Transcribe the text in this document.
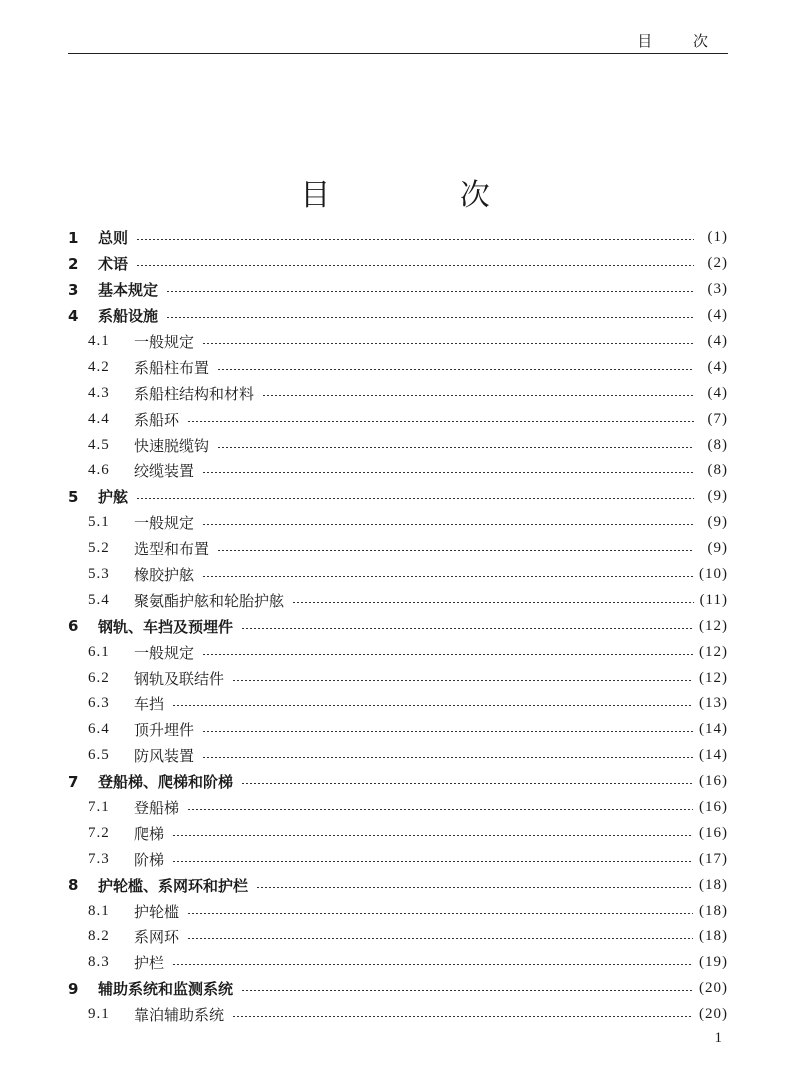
目 次
目 次
1	总则	(1)
2	术语	(2)
3	基本规定	(3)
4	系船设施	(4)
4.1	一般规定	(4)
4.2	系船柱布置	(4)
4.3	系船柱结构和材料	(4)
4.4	系船环	(7)
4.5	快速脱缆钩	(8)
4.6	绞缆装置	(8)
5	护舷	(9)
5.1	一般规定	(9)
5.2	选型和布置	(9)
5.3	橡胶护舷	(10)
5.4	聚氨酯护舷和轮胎护舷	(11)
6	钢轨、车挡及预埋件	(12)
6.1	一般规定	(12)
6.2	钢轨及联结件	(12)
6.3	车挡	(13)
6.4	顶升埋件	(14)
6.5	防风装置	(14)
7	登船梯、爬梯和阶梯	(16)
7.1	登船梯	(16)
7.2	爬梯	(16)
7.3	阶梯	(17)
8	护轮槛、系网环和护栏	(18)
8.1	护轮槛	(18)
8.2	系网环	(18)
8.3	护栏	(19)
9	辅助系统和监测系统	(20)
9.1	靠泊辅助系统	(20)
1
